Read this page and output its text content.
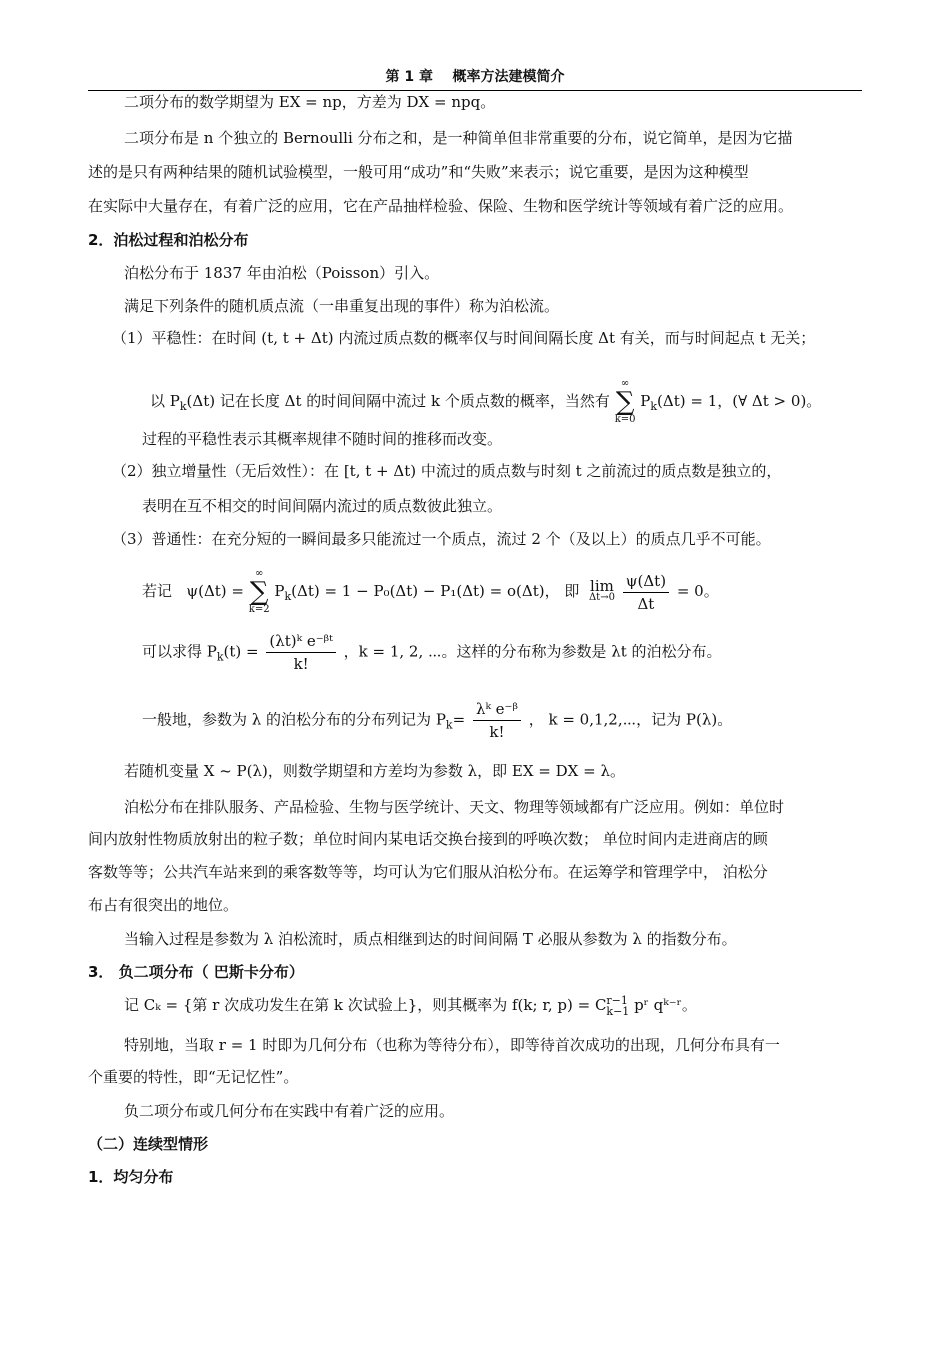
第 1 章 概率方法建模简介
二项分布的数学期望为 EX = np，方差为 DX = npq。
二项分布是 n 个独立的 Bernoulli 分布之和，是一种简单但非常重要的分布，说它简单，是因为它描
述的是只有两种结果的随机试验模型，一般可用“成功”和“失败”来表示；说它重要，是因为这种模型
在实际中大量存在，有着广泛的应用，它在产品抽样检验、保险、生物和医学统计等领域有着广泛的应用。
2．泊松过程和泊松分布
泊松分布于 1837 年由泊松（Poisson）引入。
满足下列条件的随机质点流（一串重复出现的事件）称为泊松流。
（1）平稳性：在时间 (t, t + Δt) 内流过质点数的概率仅与时间间隔长度 Δt 有关，而与时间起点 t 无关；
以 $P_k(\Delta t)$ 记在长度 Δt 的时间间隔中流过 k 个质点数的概率，当然有
∞
∑
k=0
$P_k(\Delta t) = 1$，(∀ Δt > 0)。
过程的平稳性表示其概率规律不随时间的推移而改变。
（2）独立增量性（无后效性）：在 [t, t + Δt) 中流过的质点数与时刻 t 之前流过的质点数是独立的，
表明在互不相交的时间间隔内流过的质点数彼此独立。
（3）普通性：在充分短的一瞬间最多只能流过一个质点，流过 2 个（及以上）的质点几乎不可能。
若记 ψ(Δt) =
∞
∑
k=2
$P_k(\Delta t) = 1 - P_0(\Delta t) - P_1(\Delta t) = o(\Delta t)$， 即 lim
Δt→0
$\frac{\psi(\Delta t)}{\Delta t} = 0$。
可以求得 $P_k(t) = \frac{\text{(λt)ᵏ e⁻ᵝᵗ}}{k!}$ ，k = 1, 2, ⋯。这样的分布称为参数是 λt 的泊松分布。
一般地，参数为 λ 的泊松分布的分布列记为 $P_k= \frac{\text{λᵏ e⁻ᵝ}}{k!}$ ， k = 0,1,2,⋯，记为 P(λ)。
若随机变量 X ~ P(λ)，则数学期望和方差均为参数 λ，即 EX = DX = λ。
泊松分布在排队服务、产品检验、生物与医学统计、天文、物理等领域都有广泛应用。例如：单位时
间内放射性物质放射出的粒子数；单位时间内某电话交换台接到的呼唤次数； 单位时间内走进商店的顾
客数等等；公共汽车站来到的乘客数等等，均可认为它们服从泊松分布。在运筹学和管理学中， 泊松分
布占有很突出的地位。
当输入过程是参数为 λ 泊松流时，质点相继到达的时间间隔 T 必服从参数为 λ 的指数分布。
3． 负二项分布（ 巴斯卡分布）
记 Cₖ = {第 r 次成功发生在第 k 次试验上}，则其概率为 f(k; r, p) = C r−1
k−1 pʳ qᵏ⁻ʳ。
特别地，当取 r = 1 时即为几何分布（也称为等待分布），即等待首次成功的出现，几何分布具有一
个重要的特性，即“无记忆性”。
负二项分布或几何分布在实践中有着广泛的应用。
（二）连续型情形
1．均匀分布
